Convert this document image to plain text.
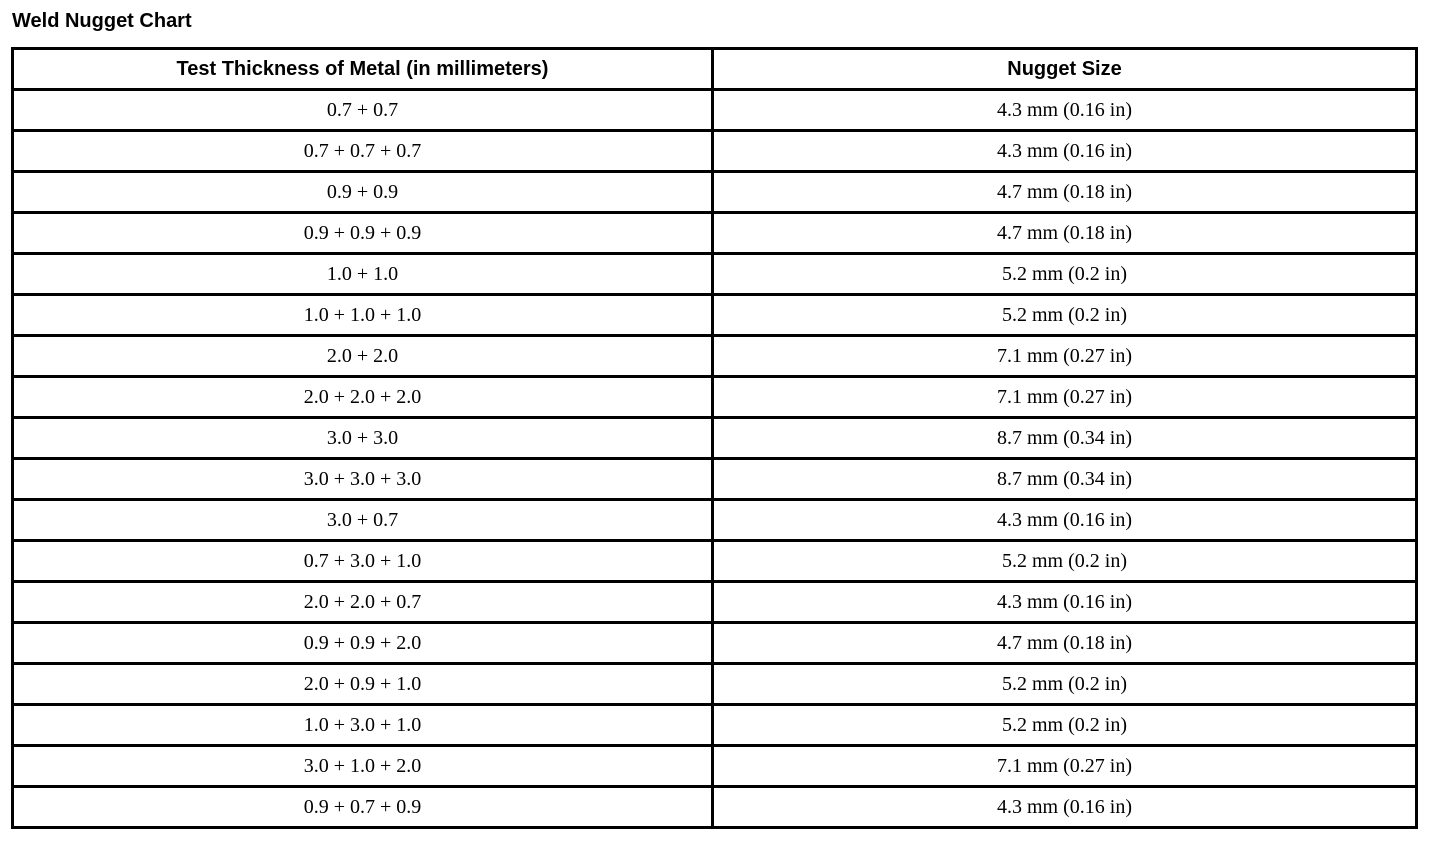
Weld Nugget Chart
Test Thickness of Metal (in millimeters)	Nugget Size
0.7 + 0.7	4.3 mm (0.16 in)
0.7 + 0.7 + 0.7	4.3 mm (0.16 in)
0.9 + 0.9	4.7 mm (0.18 in)
0.9 + 0.9 + 0.9	4.7 mm (0.18 in)
1.0 + 1.0	5.2 mm (0.2 in)
1.0 + 1.0 + 1.0	5.2 mm (0.2 in)
2.0 + 2.0	7.1 mm (0.27 in)
2.0 + 2.0 + 2.0	7.1 mm (0.27 in)
3.0 + 3.0	8.7 mm (0.34 in)
3.0 + 3.0 + 3.0	8.7 mm (0.34 in)
3.0 + 0.7	4.3 mm (0.16 in)
0.7 + 3.0 + 1.0	5.2 mm (0.2 in)
2.0 + 2.0 + 0.7	4.3 mm (0.16 in)
0.9 + 0.9 + 2.0	4.7 mm (0.18 in)
2.0 + 0.9 + 1.0	5.2 mm (0.2 in)
1.0 + 3.0 + 1.0	5.2 mm (0.2 in)
3.0 + 1.0 + 2.0	7.1 mm (0.27 in)
0.9 + 0.7 + 0.9	4.3 mm (0.16 in)
